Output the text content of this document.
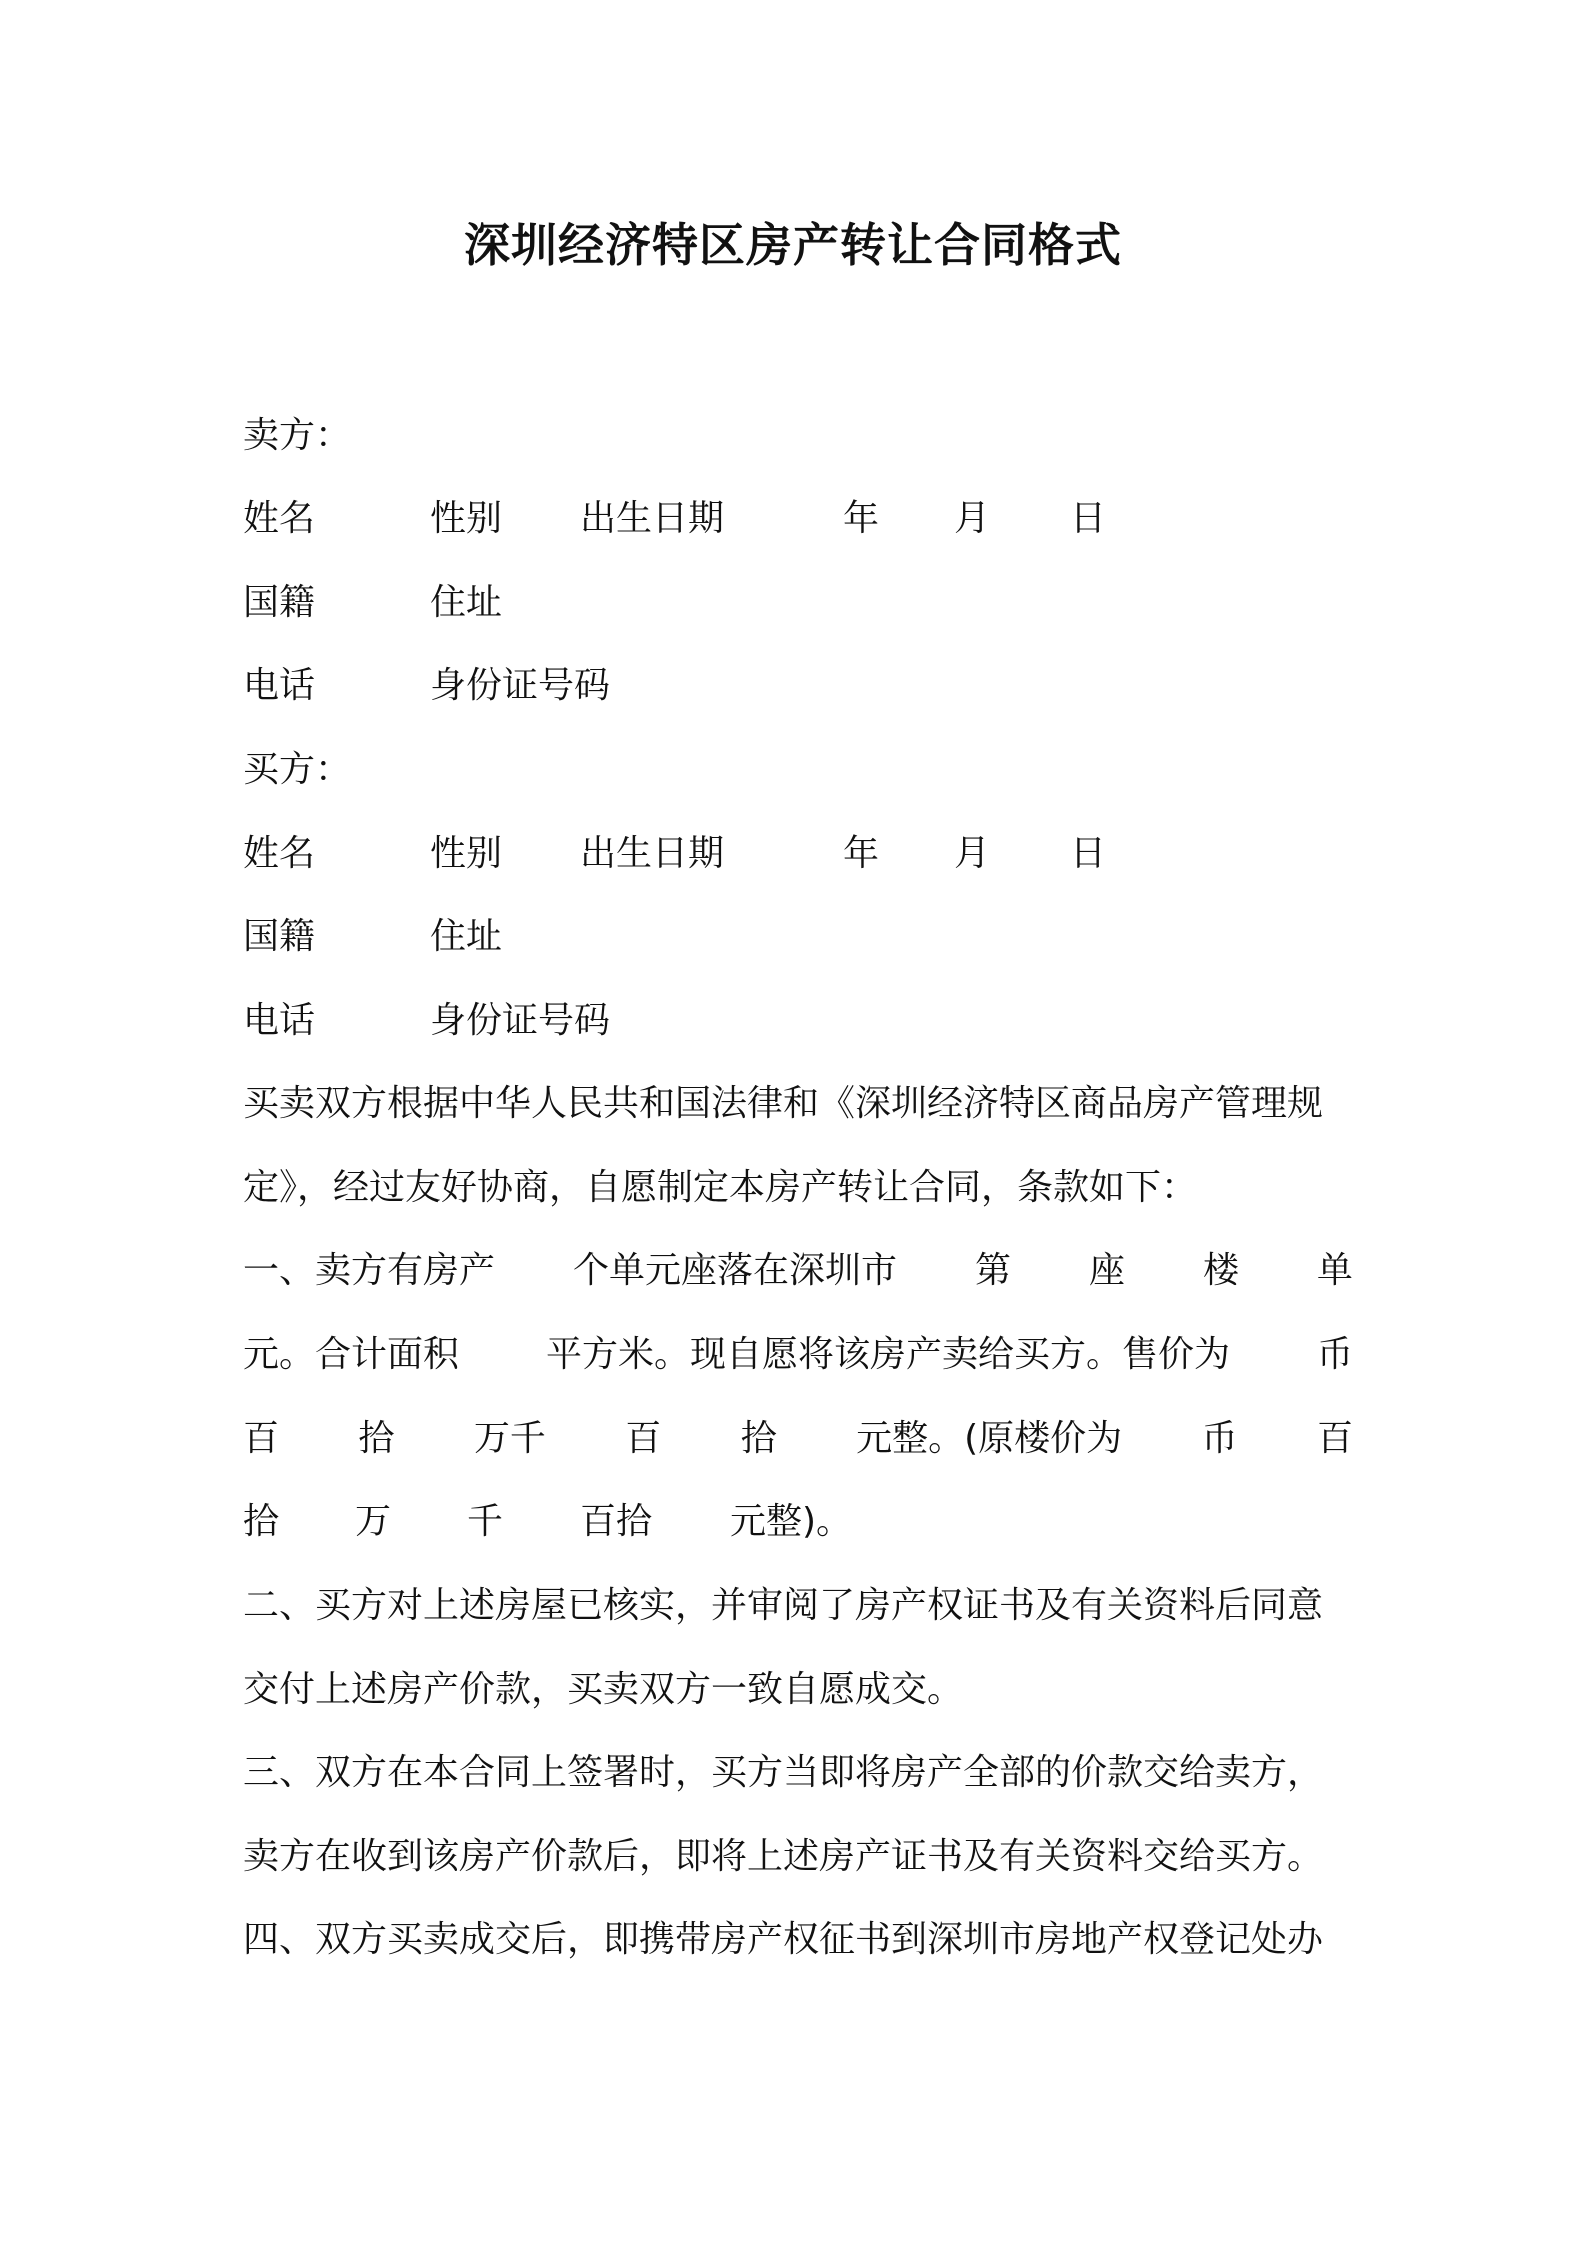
深圳经济特区房产转让合同格式
卖方：
姓名	性别 出生日期	年 月 日
国籍	住址
电话	身份证号码
买方：
姓名	性别 出生日期	年 月 日
国籍	住址
电话	身份证号码
买卖双方根据中华人民共和国法律和《深圳经济特区商品房产管理规
定》，经过友好协商，自愿制定本房产转让合同，条款如下：
一、卖方有房产 个单元座落在深圳市 第 座 楼 单
元。合计面积 平方米。现自愿将该房产卖给买方。售价为 币
百 拾 万千 百 拾 元整。(原楼价为 币 百
拾 万 千 百拾 元整)。
二、买方对上述房屋已核实，并审阅了房产权证书及有关资料后同意
交付上述房产价款，买卖双方一致自愿成交。
三、双方在本合同上签署时，买方当即将房产全部的价款交给卖方，
卖方在收到该房产价款后，即将上述房产证书及有关资料交给买方。
四、双方买卖成交后，即携带房产权征书到深圳市房地产权登记处办
